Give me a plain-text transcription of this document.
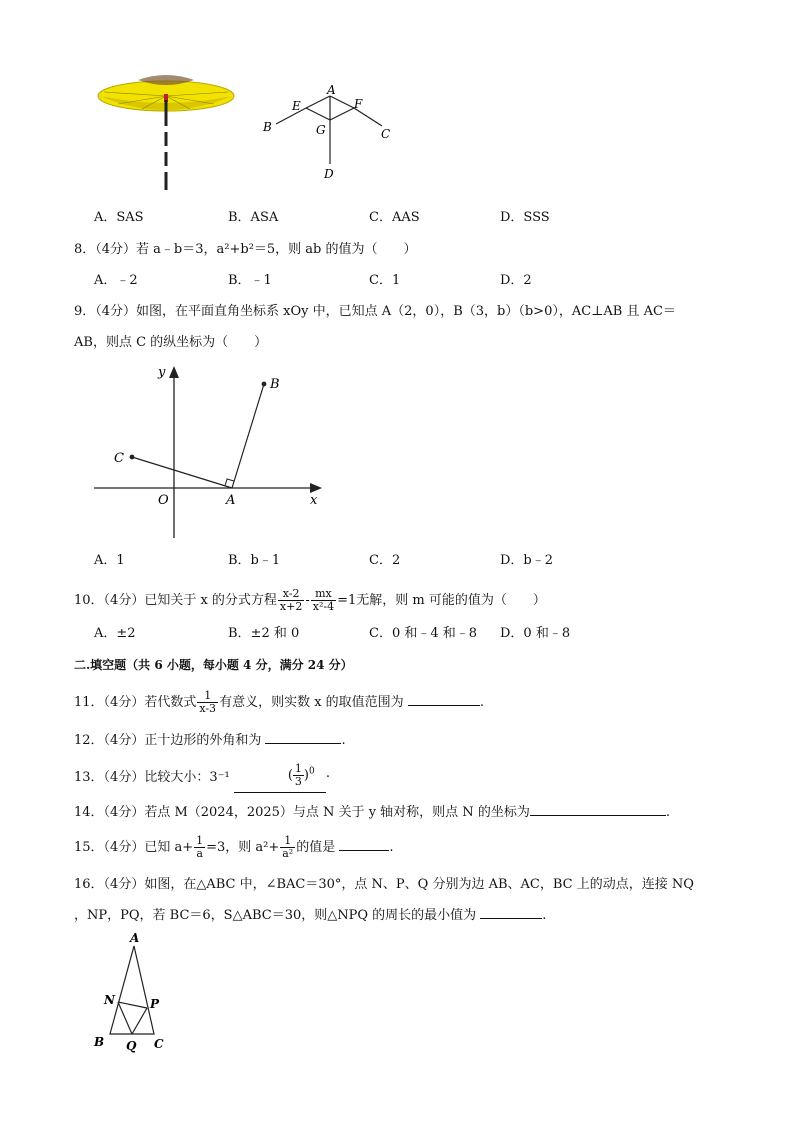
A
B	C
D
E	F
G
A．SAS	B．ASA	C．AAS	D．SSS
8．（4分）若 a﹣b＝3，a²+b²＝5，则 ab 的值为（　　）
A．﹣2	B．﹣1	C．1	D．2
9．（4分）如图，在平面直角坐标系 xOy 中，已知点 A（2，0），B（3，b）（b>0），AC⊥AB 且 AC＝
AB，则点 C 的纵坐标为（　　）
y
x
O	A
B
C
A．1	B．b﹣1	C．2	D．b﹣2
10．（4分）已知关于 x 的分式方程 $\frac{x-2}{x+2} - \frac{mx}{\text{x²-4}} =1$无解，则 m 可能的值为（　　）
A．±2	B．±2 和 0	C．0 和﹣4 和﹣8 D．0 和﹣8
二.填空题（共 6 小题，每小题 4 分，满分 24 分）
11．（4分）若代数式 $\frac{1}{x-3}$ 有意义，则实数 x 的取值范围为	.
12．（4分）正十边形的外角和为	.
13．（4分）比较大小：3⁻¹	( $\frac{1}{3} )^0$ .
14．（4分）若点 M（2024，2025）与点 N 关于 y 轴对称，则点 N 的坐标为	.
15．（4分）已知 $a+ \frac{1}{a} =3$，则 $a^2+ \frac{1}{\text{a²}}$ 的值是	.
16．（4分）如图，在△ABC 中，∠BAC＝30°，点 N、P、Q 分别为边 AB、AC，BC 上的动点，连接 NQ
，NP，PQ，若 BC＝6，S△ABC＝30，则△NPQ 的周长的最小值为	.
A
B	C
N	P
Q
